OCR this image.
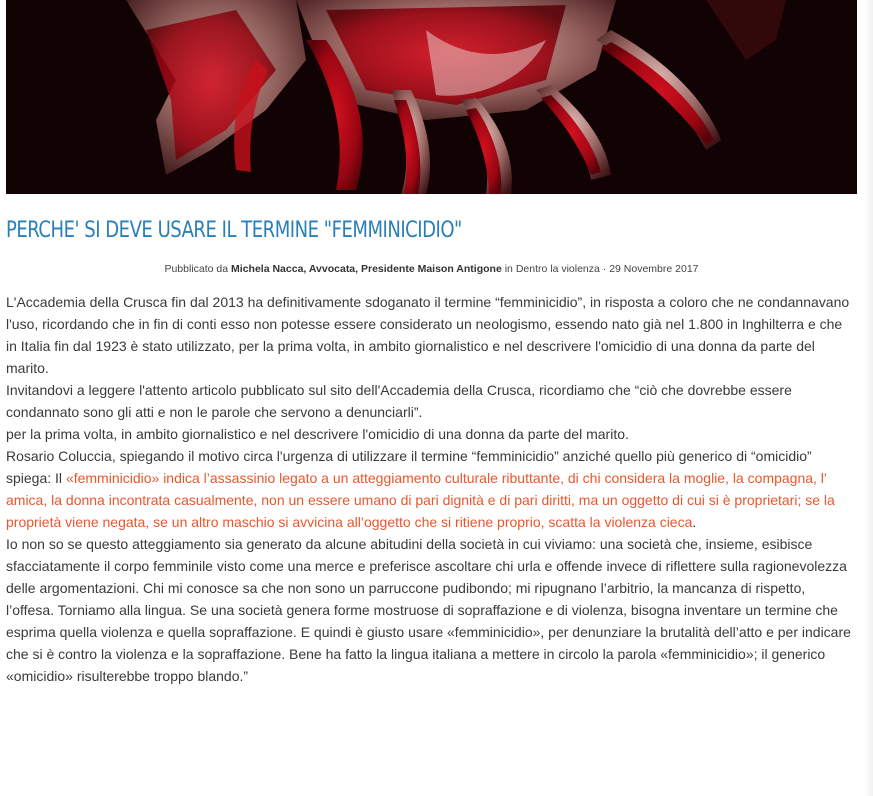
PERCHE' SI DEVE USARE IL TERMINE "FEMMINICIDIO"
Pubblicato da Michela Nacca, Avvocata, Presidente Maison Antigone in Dentro la violenza · 29 Novembre 2017

L'Accademia della Crusca fin dal 2013 ha definitivamente sdoganato il termine “femminicidio”, in risposta a coloro che ne condannavano l'uso, ricordando che in fin di conti esso non potesse essere considerato un neologismo, essendo nato già nel 1.800 in Inghilterra e che in Italia fin dal 1923 è stato utilizzato, per la prima volta, in ambito giornalistico e nel descrivere l'omicidio di una donna da parte del marito.

Invitandovi a leggere l'attento articolo pubblicato sul sito dell'Accademia della Crusca, ricordiamo che “ciò che dovrebbe essere condannato sono gli atti e non le parole che servono a denunciarli”.

per la prima volta, in ambito giornalistico e nel descrivere l'omicidio di una donna da parte del marito.

Rosario Coluccia, spiegando il motivo circa l'urgenza di utilizzare il termine “femminicidio” anziché quello più generico di “omicidio” spiega: Il «femminicidio» indica l’assassinio legato a un atteggiamento culturale ributtante, di chi considera la moglie, la compagna, l’ amica, la donna incontrata casualmente, non un essere umano di pari dignità e di pari diritti, ma un oggetto di cui si è proprietari; se la proprietà viene negata, se un altro maschio si avvicina all’oggetto che si ritiene proprio, scatta la violenza cieca.

Io non so se questo atteggiamento sia generato da alcune abitudini della società in cui viviamo: una società che, insieme, esibisce sfacciatamente il corpo femminile visto come una merce e preferisce ascoltare chi urla e offende invece di riflettere sulla ragionevolezza delle argomentazioni. Chi mi conosce sa che non sono un parruccone pudibondo; mi ripugnano l’arbitrio, la mancanza di rispetto, l’offesa. Torniamo alla lingua. Se una società genera forme mostruose di sopraffazione e di violenza, bisogna inventare un termine che esprima quella violenza e quella sopraffazione. E quindi è giusto usare «femminicidio», per denunziare la brutalità dell’atto e per indicare che si è contro la violenza e la sopraffazione. Bene ha fatto la lingua italiana a mettere in circolo la parola «femminicidio»; il generico «omicidio» risulterebbe troppo blando.”
